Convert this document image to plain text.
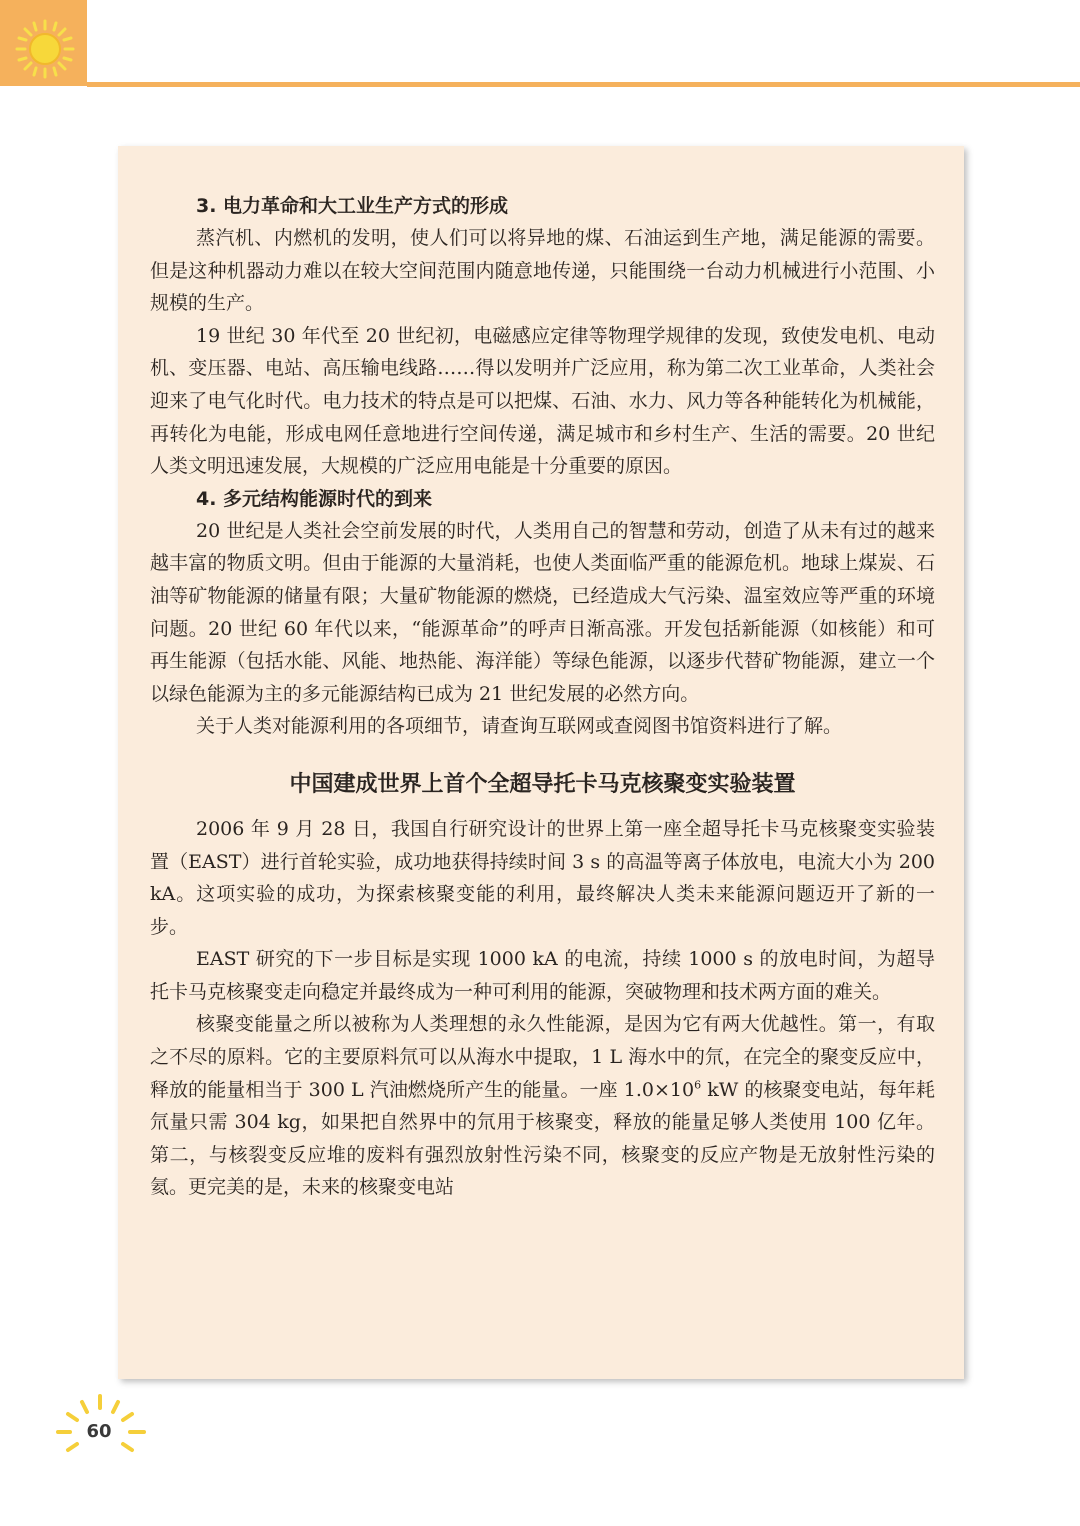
3. 电力革命和大工业生产方式的形成

蒸汽机、内燃机的发明，使人们可以将异地的煤、石油运到生产地，满足能源的需要。但是这种机器动力难以在较大空间范围内随意地传递，只能围绕一台动力机械进行小范围、小规模的生产。

19 世纪 30 年代至 20 世纪初，电磁感应定律等物理学规律的发现，致使发电机、电动机、变压器、电站、高压输电线路……得以发明并广泛应用，称为第二次工业革命，人类社会迎来了电气化时代。电力技术的特点是可以把煤、石油、水力、风力等各种能转化为机械能，再转化为电能，形成电网任意地进行空间传递，满足城市和乡村生产、生活的需要。20 世纪人类文明迅速发展，大规模的广泛应用电能是十分重要的原因。

4. 多元结构能源时代的到来

20 世纪是人类社会空前发展的时代，人类用自己的智慧和劳动，创造了从未有过的越来越丰富的物质文明。但由于能源的大量消耗，也使人类面临严重的能源危机。地球上煤炭、石油等矿物能源的储量有限；大量矿物能源的燃烧，已经造成大气污染、温室效应等严重的环境问题。20 世纪 60 年代以来，“能源革命”的呼声日渐高涨。开发包括新能源（如核能）和可再生能源（包括水能、风能、地热能、海洋能）等绿色能源，以逐步代替矿物能源，建立一个以绿色能源为主的多元能源结构已成为 21 世纪发展的必然方向。

关于人类对能源利用的各项细节，请查询互联网或查阅图书馆资料进行了解。

中国建成世界上首个全超导托卡马克核聚变实验装置

2006 年 9 月 28 日，我国自行研究设计的世界上第一座全超导托卡马克核聚变实验装置（EAST）进行首轮实验，成功地获得持续时间 3 s 的高温等离子体放电，电流大小为 200 kA。这项实验的成功，为探索核聚变能的利用，最终解决人类未来能源问题迈开了新的一步。

EAST 研究的下一步目标是实现 1000 kA 的电流，持续 1000 s 的放电时间，为超导托卡马克核聚变走向稳定并最终成为一种可利用的能源，突破物理和技术两方面的难关。

核聚变能量之所以被称为人类理想的永久性能源，是因为它有两大优越性。第一，有取之不尽的原料。它的主要原料氘可以从海水中提取，1 L 海水中的氘，在完全的聚变反应中，释放的能量相当于 300 L 汽油燃烧所产生的能量。一座 $1.0\times 10^6$ kW 的核聚变电站，每年耗氘量只需 304 kg，如果把自然界中的氘用于核聚变，释放的能量足够人类使用 100 亿年。第二，与核裂变反应堆的废料有强烈放射性污染不同，核聚变的反应产物是无放射性污染的氦。更完美的是，未来的核聚变电站

60
